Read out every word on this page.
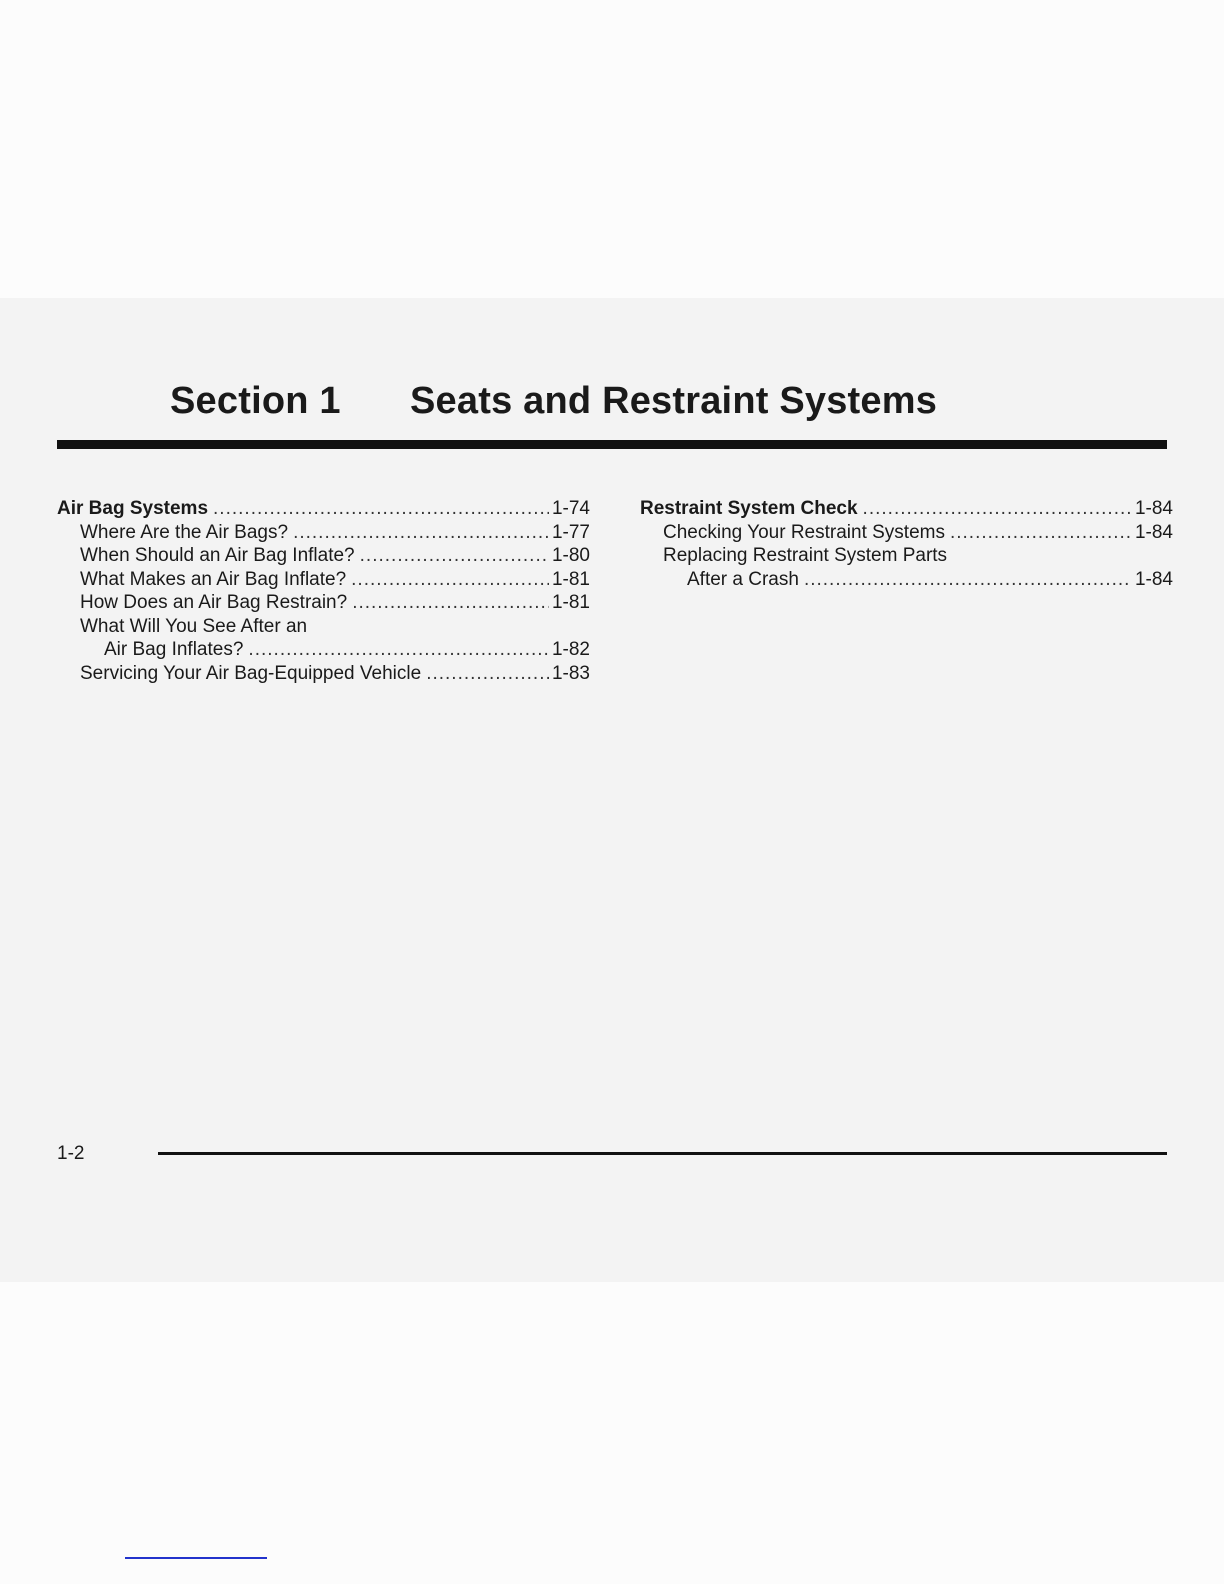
Section 1 Seats and Restraint Systems
Air Bag Systems .....	1-74
Where Are the Air Bags? .....	1-77
When Should an Air Bag Inflate? .....	1-80
What Makes an Air Bag Inflate? .....	1-81
How Does an Air Bag Restrain? .....	1-81
What Will You See After an
Air Bag Inflates? .....	1-82
Servicing Your Air Bag-Equipped Vehicle .....	1-83
Restraint System Check .....	1-84
Checking Your Restraint Systems .....	1-84
Replacing Restraint System Parts
After a Crash .....	1-84
1-2
